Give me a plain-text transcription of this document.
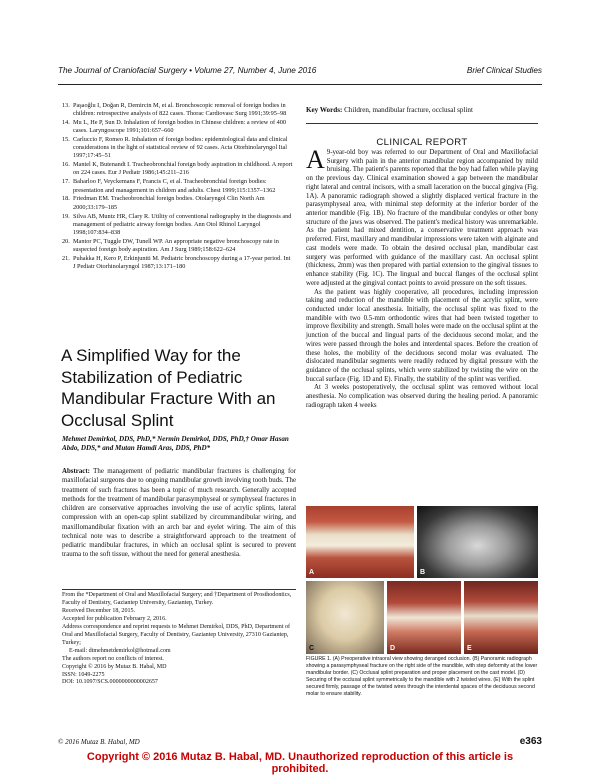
The Journal of Craniofacial Surgery • Volume 27, Number 4, June 2016	Brief Clinical Studies
13. Paşaoğlu I, Doğan R, Demircin M, et al. Bronchoscopic removal of foreign bodies in children: retrospective analysis of 822 cases. Thorac Cardiovasc Surg 1991;39:95–98
14. Mu L, He P, Sun D. Inhalation of foreign bodies in Chinese children: a review of 400 cases. Laryngoscope 1991;101:657–660
15. Carluccio F, Romeo R. Inhalation of foreign bodies: epidemiological data and clinical considerations in the light of statistical review of 92 cases. Acta Otorhinolaryngol Ital 1997;17:45–51
16. Mantel K, Butenandt I. Tracheobronchial foreign body aspiration in childhood. A report on 224 cases. Eur J Pediatr 1986;145:211–216
17. Baharloo F, Veyckemans F, Francis C, et al. Tracheobronchial foreign bodies: presentation and management in children and adults. Chest 1999;115:1357–1362
18. Friedman EM. Tracheobronchial foreign bodies. Otolaryngol Clin North Am 2000;33:179–185
19. Silva AB, Muntz HR, Clary R. Utility of conventional radiography in the diagnosis and management of pediatric airway foreign bodies. Ann Otol Rhinol Laryngol 1998;107:834–838
20. Mantor PC, Tuggle DW, Tunell WP. An appropriate negative bronchoscopy rate in suspected foreign body aspiration. Am J Surg 1989;158:622–624
21. Puhakka H, Kero P, Erkinjuntti M. Pediatric bronchoscopy during a 17-year period. Int J Pediatr Otorhinolaryngol 1987;13:171–180
A Simplified Way for the Stabilization of Pediatric Mandibular Fracture With an Occlusal Splint
Mehmet Demirkol, DDS, PhD,* Nermin Demirkol, DDS, PhD,† Omar Hasan Abdo, DDS,* and Mutan Hamdi Aras, DDS, PhD*

Abstract: The management of pediatric mandibular fractures is challenging for maxillofacial surgeons due to ongoing mandibular growth involving tooth buds. The treatment of such fractures has been a topic of much research. Generally accepted methods for the treatment of mandibular parasymphyseal or symphyseal fractures in children are conservative approaches involving the use of acrylic splints, lateral compression with an open-cap splint stabilized by circummandibular wiring, and maxillomandibular fixation with an arch bar and eyelet wiring. The aim of this technical note was to describe a straightforward approach to the treatment of pediatric mandibular fractures, in which an occlusal splint is secured to prevent trauma to the soft tissue, without the need for general anesthesia.

From the *Department of Oral and Maxillofacial Surgery; and †Department of Prosthodontics, Faculty of Dentistry, Gaziantep University, Gaziantep, Turkey.

Received December 18, 2015.

Accepted for publication February 2, 2016.

Address correspondence and reprint requests to Mehmet Demirkol, DDS, PhD, Department of Oral and Maxillofacial Surgery, Faculty of Dentistry, Gaziantep University, 27310 Gaziantep, Turkey;

E-mail: dtmehmetdemirkol@hotmail.com

The authors report no conflicts of interest.

Copyright © 2016 by Mutaz B. Habal, MD

ISSN: 1049-2275

DOI: 10.1097/SCS.0000000000002657

Key Words: Children, mandibular fracture, occlusal splint
CLINICAL REPORT

A 9-year-old boy was referred to our Department of Oral and Maxillofacial Surgery with pain in the anterior mandibular region accompanied by mild bruising. The patient's parents reported that the boy had fallen while playing on the previous day. Clinical examination showed a gap between the mandibular right lateral and central incisors, with a small laceration on the buccal gingiva (Fig. 1A). A panoramic radiograph showed a slightly displaced vertical fracture in the parasymphyseal area, with minimal step deformity at the inferior border of the anterior mandible (Fig. 1B). No fracture of the mandibular condyles or other bony structure of the jaws was observed. The patient's medical history was unremarkable. As the patient had mixed dentition, a conservative treatment approach was preferred. First, maxillary and mandibular impressions were taken with alginate and cast models were made. To obtain the desired occlusal plan, mandibular cast surgery was performed with guidance of the maxillary cast. An occlusal splint (thickness, 2mm) was then prepared with partial extension to the gingival tissues to enhance stability (Fig. 1C). The lingual and buccal flanges of the occlusal splint were adjusted at the gingival contact points to avoid pressure on the soft tissues.

As the patient was highly cooperative, all procedures, including impression taking and reduction of the mandible with placement of the acrylic splint, were conducted under local anesthesia. Initially, the occlusal splint was fixed to the mandible with two 0.5-mm orthodontic wires that had been twisted together to improve flexibility and strength. Small holes were made on the occlusal splint at the junction of the buccal and lingual parts of the deciduous second molar, and the wires were passed through the holes and interdental spaces. Before the creation of these holes, the mobility of the deciduous second molar was evaluated. The dislocated mandibular segments were readily reduced by digital pressure with the guidance of the occlusal splints, which were stabilized by twisting the wire on the buccal surface (Fig. 1D and E). Finally, the stability of the splint was verified.

At 3 weeks postoperatively, the occlusal splint was removed without local anesthesia. No complication was observed during the healing period. A panoramic radiograph taken 4 weeks

A	B
C	D	E
FIGURE 1. (A) Preoperative intraoral view showing deranged occlusion. (B) Panoramic radiograph showing a parasymphyseal fracture on the right side of the mandible, with step deformity at the lower mandibular border. (C) Occlusal splint preparation and proper placement on the cast model. (D) Securing of the occlusal splint symmetrically to the mandible with 2 twisted wires. (E) With the splint secured firmly, passage of the twisted wires through the interdental spaces of the deciduous second molar to ensure stability.
© 2016 Mutaz B. Habal, MD	e363
Copyright © 2016 Mutaz B. Habal, MD. Unauthorized reproduction of this article is prohibited.
